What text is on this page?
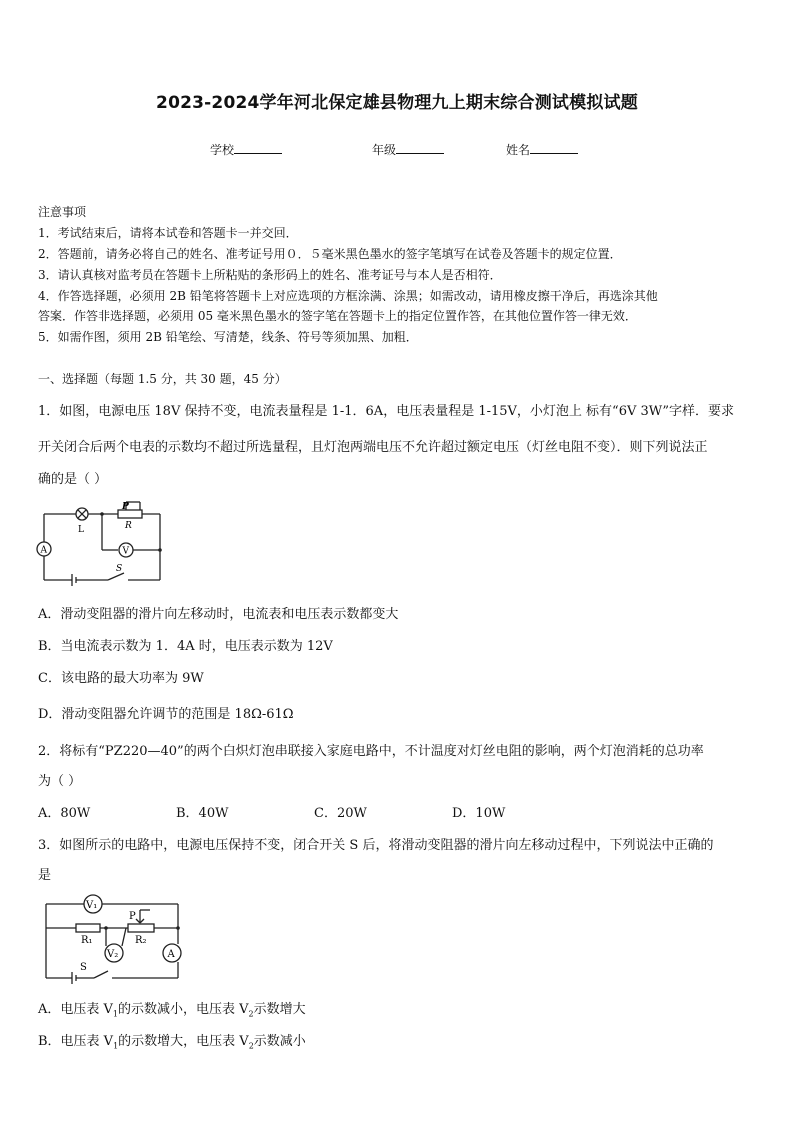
2023-2024学年河北保定雄县物理九上期末综合测试模拟试题
学校	年级	姓名
注意事项
1．考试结束后，请将本试卷和答题卡一并交回．
2．答题前，请务必将自己的姓名、准考证号用０．５毫米黑色墨水的签字笔填写在试卷及答题卡的规定位置．
3．请认真核对监考员在答题卡上所粘贴的条形码上的姓名、准考证号与本人是否相符．
4．作答选择题，必须用 2B 铅笔将答题卡上对应选项的方框涂满、涂黑；如需改动，请用橡皮擦干净后，再选涂其他
答案．作答非选择题，必须用 05 毫米黑色墨水的签字笔在答题卡上的指定位置作答，在其他位置作答一律无效．
5．如需作图，须用 2B 铅笔绘、写清楚，线条、符号等须加黑、加粗．
一、选择题（每题 1.5 分，共 30 题，45 分）
1．如图，电源电压 18V 保持不变，电流表量程是 1-1．6A，电压表量程是 1-15V，小灯泡上 标有“6V 3W”字样．要求
开关闭合后两个电表的示数均不超过所选量程，且灯泡两端电压不允许超过额定电压（灯丝电阻不变）．则下列说法正
确的是（ ）
P
R
L
V
A
S
A．滑动变阻器的滑片向左移动时，电流表和电压表示数都变大
B．当电流表示数为 1．4A 时，电压表示数为 12V
C．该电路的最大功率为 9W
D．滑动变阻器允许调节的范围是 18Ω-61Ω
2．将标有“PZ220—40”的两个白炽灯泡串联接入家庭电路中，不计温度对灯丝电阻的影响，两个灯泡消耗的总功率
为（ ）
A．80W	B．40W	C．20W	D．10W
3．如图所示的电路中，电源电压保持不变，闭合开关 S 后，将滑动变阻器的滑片向左移动过程中，下列说法中正确的
是
V₁
R₁	R₂
P
V₂	A
S
A．电压表 $V_1$的示数减小，电压表 $V_2$示数增大
B．电压表 $V_1$的示数增大，电压表 $V_2$示数减小
